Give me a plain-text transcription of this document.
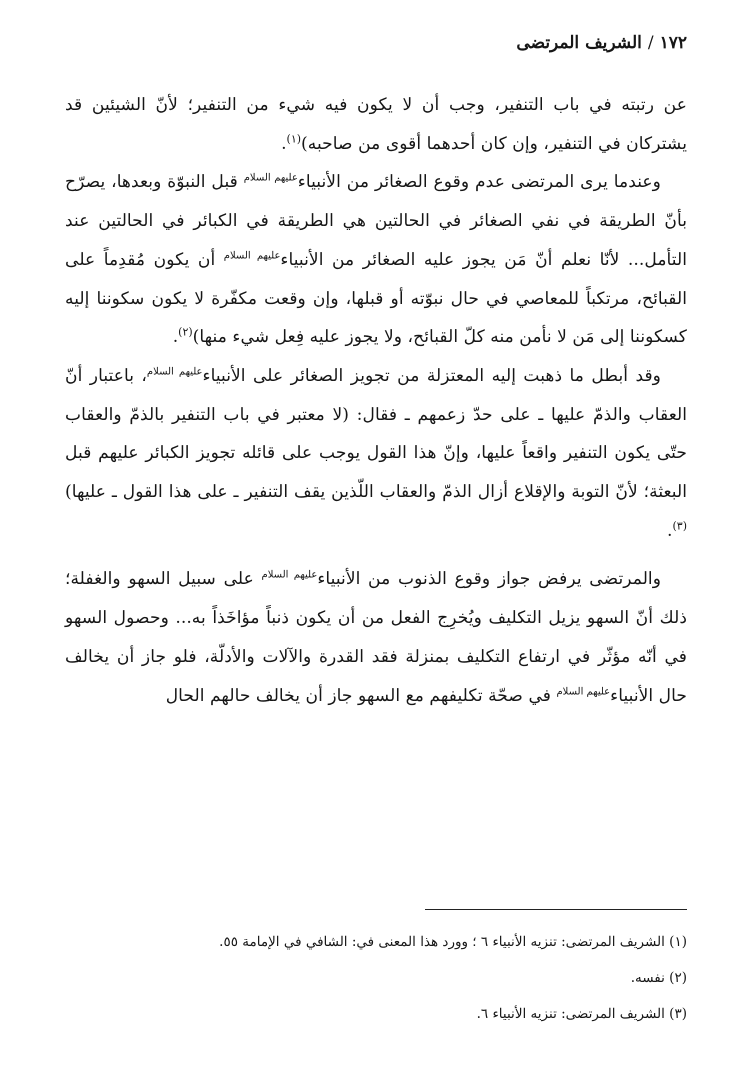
١٧٢
/
الشريف المرتضى

عن رتبته في باب التنفير، وجب أن لا يكون فيه شيء من التنفير؛ لأنّ الشيئين قد يشتركان في التنفير، وإن كان أحدهما أقوى من صاحبه)$^{(١)}$.

وعندما يرى المرتضى عدم وقوع الصغائر من الأنبياء$^{عليهم السلام}$ قبل النبوّة وبعدها، يصرّح بأنّ الطريقة في نفي الصغائر في الحالتين هي الطريقة في الكبائر في الحالتين عند التأمل... لأنّا نعلم أنّ مَن يجوز عليه الصغائر من الأنبياء$^{عليهم السلام}$ أن يكون مُقدِماً على القبائح، مرتكباً للمعاصي في حال نبوّته أو قبلها، وإن وقعت مكفّرة لا يكون سكوننا إليه كسكوننا إلى مَن لا نأمن منه كلّ القبائح، ولا يجوز عليه فِعل شيء منها)$^{(٢)}$.

وقد أبطل ما ذهبت إليه المعتزلة من تجويز الصغائر على الأنبياء$^{عليهم السلام}$، باعتبار أنّ العقاب والذمّ عليها ـ على حدّ زعمهم ـ فقال: (لا معتبر في باب التنفير بالذمّ والعقاب حتّى يكون التنفير واقعاً عليها، وإنّ هذا القول يوجب على قائله تجويز الكبائر عليهم قبل البعثة؛ لأنّ التوبة والإقلاع أزال الذمّ والعقاب اللّذين يقف التنفير ـ على هذا القول ـ عليها)$^{(٣)}$.

والمرتضى يرفض جواز وقوع الذنوب من الأنبياء$^{عليهم السلام}$ على سبيل السهو والغفلة؛ ذلك أنّ السهو يزيل التكليف ويُخرِج الفعل من أن يكون ذنباً مؤاخَذاً به... وحصول السهو في أنّه مؤثّر في ارتفاع التكليف بمنزلة فقد القدرة والآلات والأدلّة، فلو جاز أن يخالف حال الأنبياء$^{عليهم السلام}$ في صحّة تكليفهم مع السهو جاز أن يخالف حالهم الحال

(١) الشريف المرتضى: تنزيه الأنبياء ٦ ؛ وورد هذا المعنى في: الشافي في الإمامة ٥٥.
(٢) نفسه.
(٣) الشريف المرتضى: تنزيه الأنبياء ٦.
